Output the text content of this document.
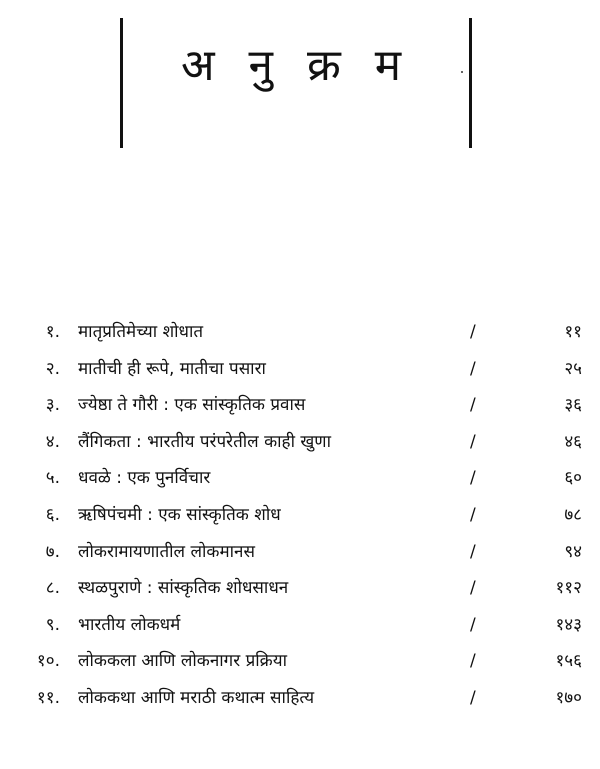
अ नु क्र म
१. मातृप्रतिमेच्या शोधात	/	११
२. मातीची ही रूपे, मातीचा पसारा	/	२५
३. ज्येष्ठा ते गौरी : एक सांस्कृतिक प्रवास	/	३६
४. लैंगिकता : भारतीय परंपरेतील काही खुणा	/	४६
५. धवळे : एक पुनर्विचार	/	६०
६. ऋषिपंचमी : एक सांस्कृतिक शोध	/	७८
७. लोकरामायणातील लोकमानस	/	९४
८. स्थळपुराणे : सांस्कृतिक शोधसाधन	/	११२
९. भारतीय लोकधर्म	/	१४३
१०. लोककला आणि लोकनागर प्रक्रिया	/	१५६
११. लोककथा आणि मराठी कथात्म साहित्य	/	१७०
